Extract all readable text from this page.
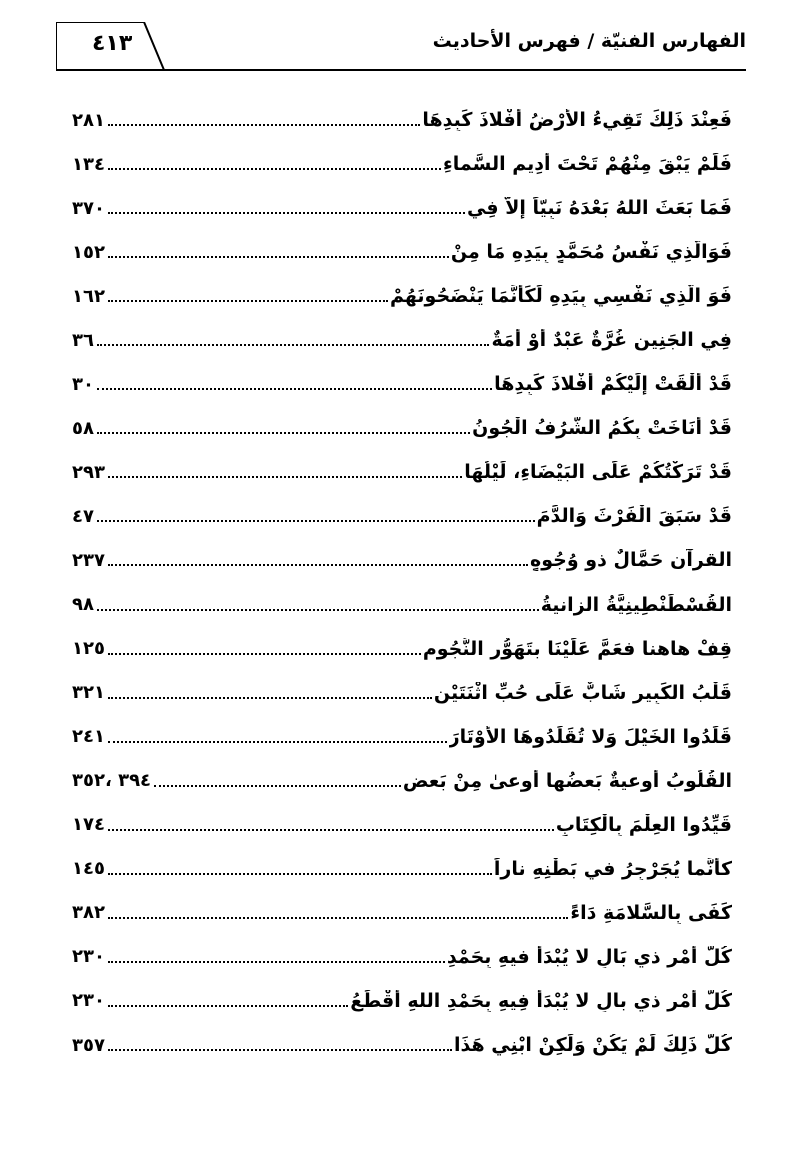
٤١٣	الفهارس الفنيّة / فهرس الأحاديث
٢٨١	فَعِنْدَ ذَلِكَ تَقِيءُ الأَرْضُ أَفْلاذَ كَبِدِهَا
١٣٤	فَلَمْ يَبْقَ مِنْهُمْ تَحْتَ أَدِيمِ السَّماءِ
٣٧٠	فَمَا بَعَثَ اللهُ بَعْدَهُ نَبِيّاً إِلاّ فِي
١٥٢	فَوَالَّذِي نَفْسُ مُحَمَّدٍ بِيَدِهِ مَا مِنْ
١٦٢	فَوَ الَّذِي نَفْسِي بِيَدِهِ لَكَأَنَّمَا يَنْضَحُونَهُمْ
٣٦	فِي الجَنِينِ غُرَّةٌ عَبْدٌ أَوْ أَمَةٌ
٣٠	قَدْ أَلْقَتْ إِلَيْكُمْ أَفْلاذَ كَبِدِهَا
٥٨	قَدْ أَنَاخَتْ بِكُمُ الشُّرُفُ الْجُونُ
٢٩٣	قَدْ تَرَكْتُكُمْ عَلَى البَيْضَاءِ، لَيْلُهَا
٤٧	قَدْ سَبَقَ الْفَرْثَ وَالدَّمَ
٢٣٧	القرآن حَمَّالٌ ذو وُجُوهٍ
٩٨	القُسْطَنْطِينِيَّةُ الزانيةُ
١٢٥	قِفْ هاهنا فعَمَّ عَلَيْنَا بتَهَوُّر النُّجُوم
٣٢١	قَلْبُ الكَبِيرِ شَابٌّ عَلَى حُبِّ اثْنَتَيْنِ
٢٤١	قَلِّدُوا الخَيْلَ وَلا تُقَلِّدُوهَا الأَوْتَارَ
٣٩٤ ،٣٥٢	القُلُوبُ أوعيةٌ بَعضُها أوعىٰ مِنْ بَعضٍ
١٧٤	قَيِّدُوا العِلْمَ بِالْكِتَابِ
١٤٥	كأنَّما يُجَرْجِرُ في بَطْنِهِ ناراً
٣٨٢	كَفَى بِالسَّلامَةِ دَاءً
٢٣٠	كُلُّ أَمْرٍ ذي بَالٍ لا يُبْدَأُ فيهِ بِحَمْدِ
٢٣٠	كُلُّ أَمْرٍ ذي بالٍ لا يُبْدَأُ فِيهِ بِحَمْدِ اللهِ أَقْطَعُ
٣٥٧	كُلُّ ذَلِكَ لَمْ يَكُنْ وَلَكِنْ ابْنِي هَذَا
